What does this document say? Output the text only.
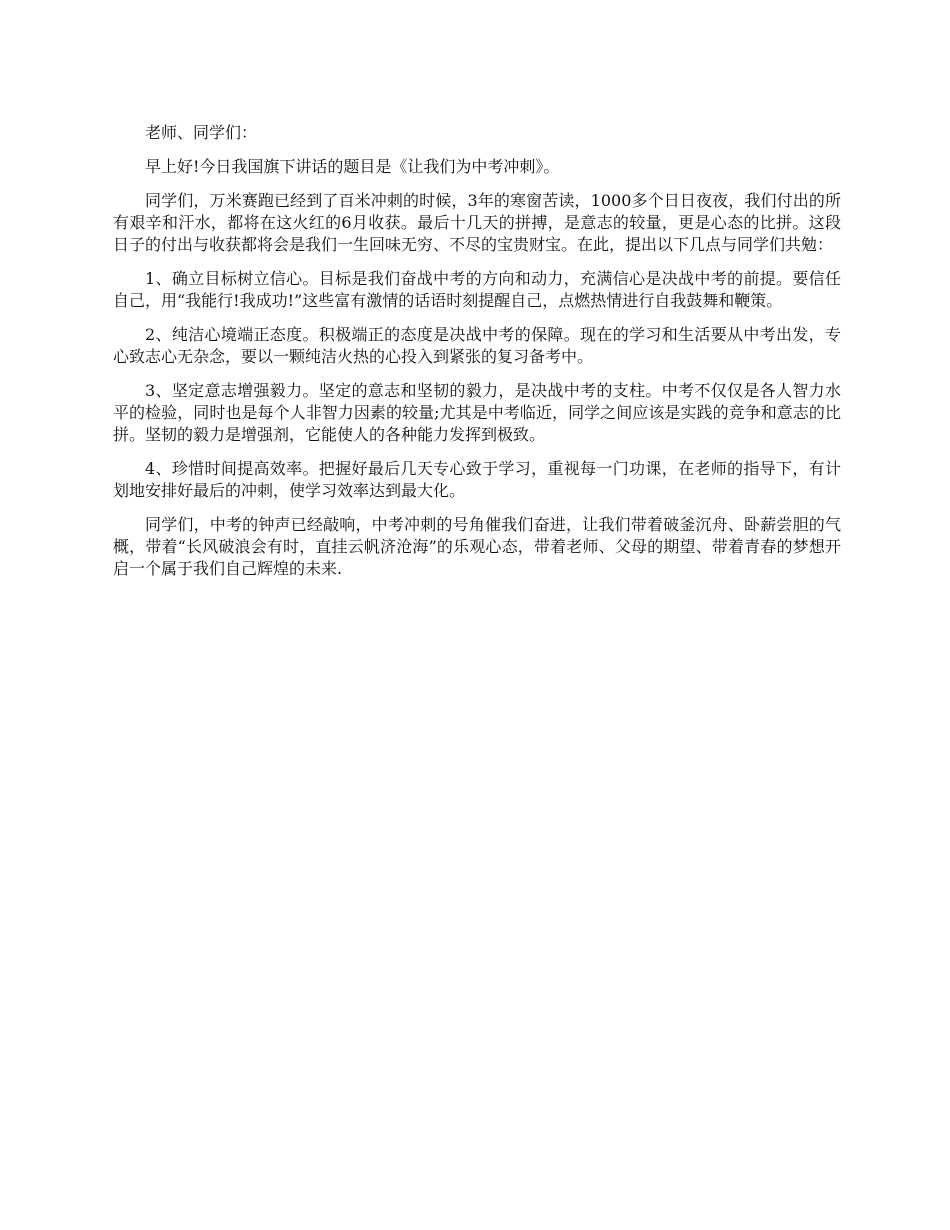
老师、同学们：

早上好!今日我国旗下讲话的题目是《让我们为中考冲刺》。

同学们，万米赛跑已经到了百米冲刺的时候，3年的寒窗苦读，1000多个日日夜夜，我们付出的所有艰辛和汗水，都将在这火红的6月收获。最后十几天的拼搏，是意志的较量，更是心态的比拼。这段日子的付出与收获都将会是我们一生回味无穷、不尽的宝贵财宝。在此，提出以下几点与同学们共勉：

1、确立目标树立信心。目标是我们奋战中考的方向和动力，充满信心是决战中考的前提。要信任自己，用“我能行!我成功!”这些富有激情的话语时刻提醒自己，点燃热情进行自我鼓舞和鞭策。

2、纯洁心境端正态度。积极端正的态度是决战中考的保障。现在的学习和生活要从中考出发，专心致志心无杂念，要以一颗纯洁火热的心投入到紧张的复习备考中。

3、坚定意志增强毅力。坚定的意志和坚韧的毅力，是决战中考的支柱。中考不仅仅是各人智力水平的检验，同时也是每个人非智力因素的较量;尤其是中考临近，同学之间应该是实践的竞争和意志的比拼。坚韧的毅力是增强剂，它能使人的各种能力发挥到极致。

4、珍惜时间提高效率。把握好最后几天专心致于学习，重视每一门功课，在老师的指导下，有计划地安排好最后的冲刺，使学习效率达到最大化。

同学们，中考的钟声已经敲响，中考冲刺的号角催我们奋进，让我们带着破釜沉舟、卧薪尝胆的气概，带着“长风破浪会有时，直挂云帆济沧海”的乐观心态，带着老师、父母的期望、带着青春的梦想开启一个属于我们自己辉煌的未来.
